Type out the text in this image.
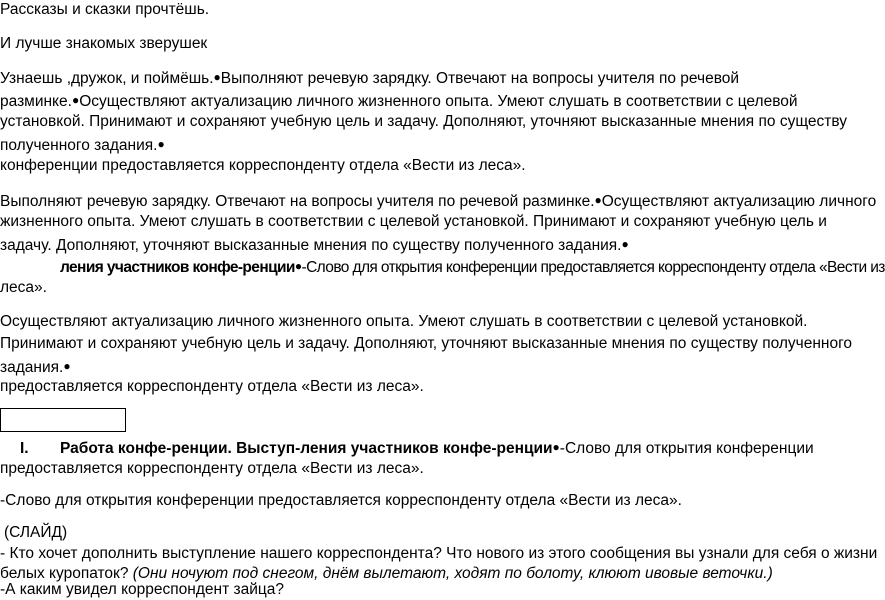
Рассказы и сказки прочтёшь.
И лучше знакомых зверушек
Узнаешь ,дружок, и поймёшь.●Выполняют речевую зарядку. Отвечают на вопросы учителя по речевой
разминке.●Осуществляют актуализацию личного жизненного опыта. Умеют слушать в соответствии с целевой
установкой. Принимают и сохраняют учебную цель и задачу. Дополняют, уточняют высказанные мнения по существу
полученного задания.●
конференции предоставляется корреспонденту отдела «Вести из леса».
Выполняют речевую зарядку. Отвечают на вопросы учителя по речевой разминке.●Осуществляют актуализацию личного
жизненного опыта. Умеют слушать в соответствии с целевой установкой. Принимают и сохраняют учебную цель и
задачу. Дополняют, уточняют высказанные мнения по существу полученного задания.●
ления участников конфе-ренции●-Слово для открытия конференции предоставляется корреспонденту отдела «Вести из
леса».
Осуществляют актуализацию личного жизненного опыта. Умеют слушать в соответствии с целевой установкой.
Принимают и сохраняют учебную цель и задачу. Дополняют, уточняют высказанные мнения по существу полученного
задания.●
предоставляется корреспонденту отдела «Вести из леса».
I. Работа конфе-ренции. Выступ-ления участников конфе-ренции●-Слово для открытия конференции
предоставляется корреспонденту отдела «Вести из леса».
-Слово для открытия конференции предоставляется корреспонденту отдела «Вести из леса».
(СЛАЙД)
- Кто хочет дополнить выступление нашего корреспондента? Что нового из этого сообщения вы узнали для себя о жизни
белых куропаток? (Они ночуют под снегом, днём вылетают, ходят по болоту, клюют ивовые веточки.)
-А каким увидел корреспондент зайца?
